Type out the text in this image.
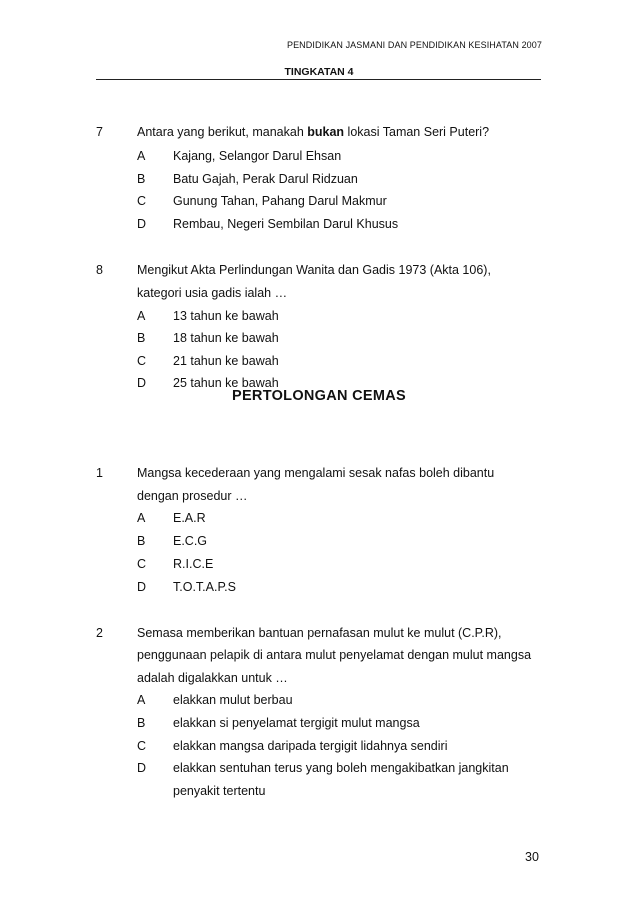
PENDIDIKAN JASMANI DAN PENDIDIKAN KESIHATAN 2007
TINGKATAN 4
7	Antara yang berikut, manakah bukan lokasi Taman Seri Puteri?
A Kajang, Selangor Darul Ehsan
B Batu Gajah, Perak Darul Ridzuan
C Gunung Tahan, Pahang Darul Makmur
D Rembau, Negeri Sembilan Darul Khusus
8	Mengikut Akta Perlindungan Wanita dan Gadis 1973 (Akta 106),
kategori usia gadis ialah …
A 13 tahun ke bawah
B 18 tahun ke bawah
C 21 tahun ke bawah
D 25 tahun ke bawah
PERTOLONGAN CEMAS
1	Mangsa kecederaan yang mengalami sesak nafas boleh dibantu
dengan prosedur …
A E.A.R
B E.C.G
C R.I.C.E
D T.O.T.A.P.S
2	Semasa memberikan bantuan pernafasan mulut ke mulut (C.P.R),
penggunaan pelapik di antara mulut penyelamat dengan mulut mangsa
adalah digalakkan untuk …
A elakkan mulut berbau
B elakkan si penyelamat tergigit mulut mangsa
C elakkan mangsa daripada tergigit lidahnya sendiri
D elakkan sentuhan terus yang boleh mengakibatkan jangkitan
penyakit tertentu
30
